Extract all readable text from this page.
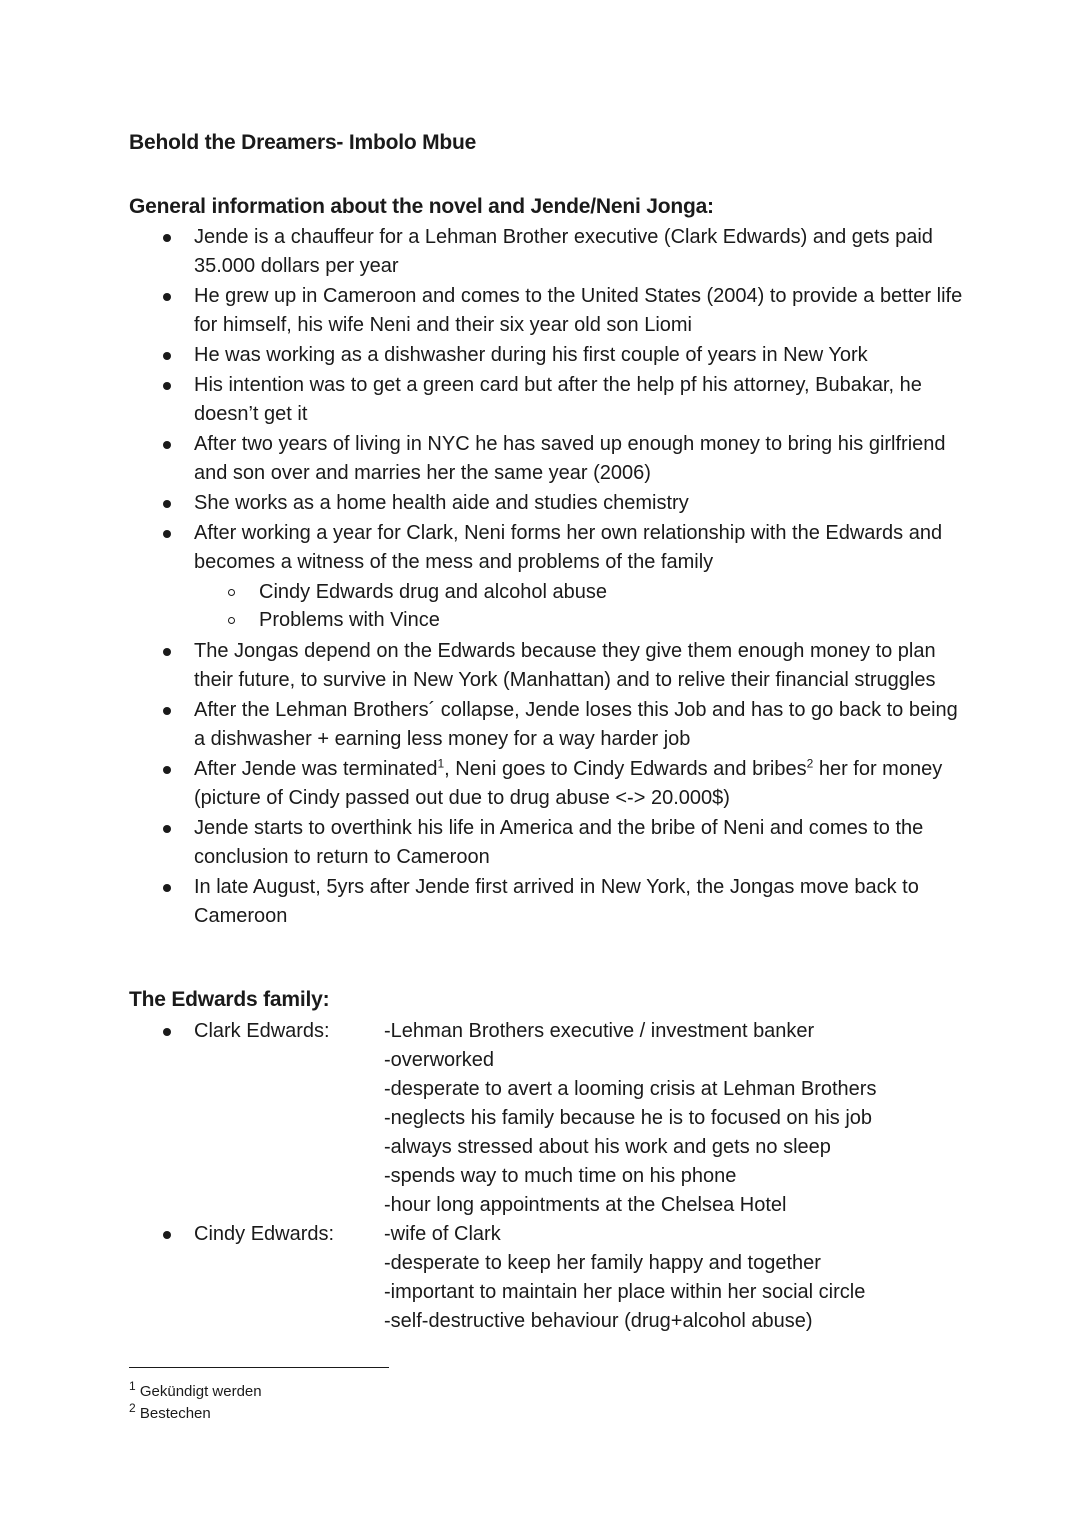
Behold the Dreamers- Imbolo Mbue
General information about the novel and Jende/Neni Jonga:
Jende is a chauffeur for a Lehman Brother executive (Clark Edwards) and gets paid 35.000 dollars per year
He grew up in Cameroon and comes to the United States (2004) to provide a better life for himself, his wife Neni and their six year old son Liomi
He was working as a dishwasher during his first couple of years in New York
His intention was to get a green card but after the help pf his attorney, Bubakar, he doesn’t get it
After two years of living in NYC he has saved up enough money to bring his girlfriend and son over and marries her the same year (2006)
She works as a home health aide and studies chemistry
After working a year for Clark, Neni forms her own relationship with the Edwards and becomes a witness of the mess and problems of the family
Cindy Edwards drug and alcohol abuse
Problems with Vince
The Jongas depend on the Edwards because they give them enough money to plan their future, to survive in New York (Manhattan) and to relive their financial struggles
After the Lehman Brothers´ collapse, Jende loses this Job and has to go back to being a dishwasher + earning less money for a way harder job
After Jende was terminated$^1$, Neni goes to Cindy Edwards and bribes$^2$ her for money (picture of Cindy passed out due to drug abuse <-> 20.000$)
Jende starts to overthink his life in America and the bribe of Neni and comes to the conclusion to return to Cameroon
In late August, 5yrs after Jende first arrived in New York, the Jongas move back to Cameroon
The Edwards family:
Clark Edwards:	-Lehman Brothers executive / investment banker
-overworked
-desperate to avert a looming crisis at Lehman Brothers
-neglects his family because he is to focused on his job
-always stressed about his work and gets no sleep
-spends way to much time on his phone
-hour long appointments at the Chelsea Hotel
Cindy Edwards: -wife of Clark
-desperate to keep her family happy and together
-important to maintain her place within her social circle
-self-destructive behaviour (drug+alcohol abuse)
$^1$ Gekündigt werden
$^2$ Bestechen
